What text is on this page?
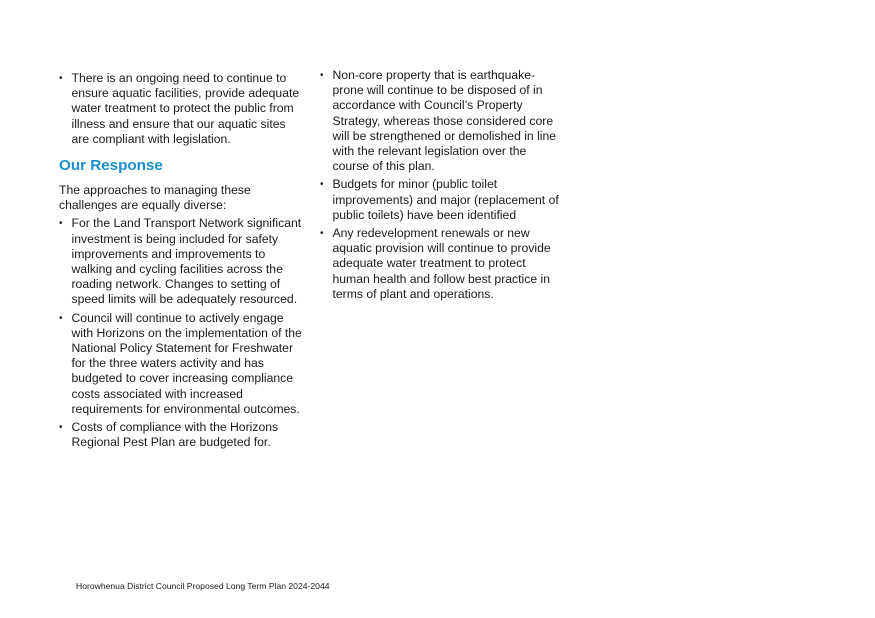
• There is an ongoing need to continue to ensure aquatic facilities, provide adequate water treatment to protect the public from illness and ensure that our aquatic sites are compliant with legislation.
Our Response

The approaches to managing these challenges are equally diverse:

• For the Land Transport Network significant investment is being included for safety improvements and improvements to walking and cycling facilities across the roading network. Changes to setting of speed limits will be adequately resourced.
• Council will continue to actively engage with Horizons on the implementation of the National Policy Statement for Freshwater for the three waters activity and has budgeted to cover increasing compliance costs associated with increased requirements for environmental outcomes.
• Costs of compliance with the Horizons Regional Pest Plan are budgeted for.
• Non-core property that is earthquake-prone will continue to be disposed of in accordance with Council’s Property Strategy, whereas those considered core will be strengthened or demolished in line with the relevant legislation over the course of this plan.
• Budgets for minor (public toilet improvements) and major (replacement of public toilets) have been identified
• Any redevelopment renewals or new aquatic provision will continue to provide adequate water treatment to protect human health and follow best practice in terms of plant and operations.
Horowhenua District Council Proposed Long Term Plan 2024-2044
